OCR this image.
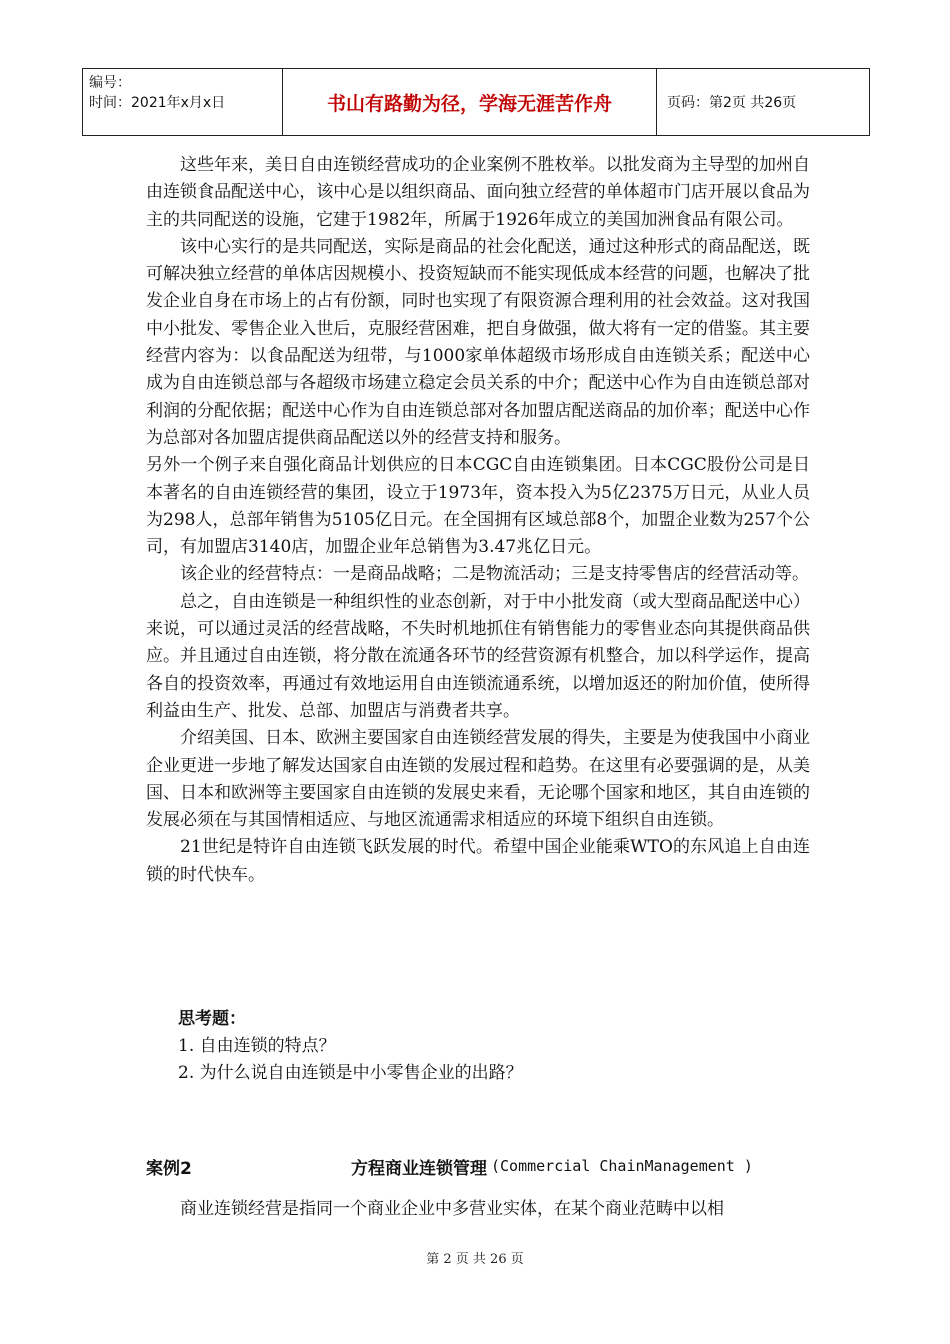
编号：
时间：2021年x月x日	书山有路勤为径，学海无涯苦作舟	页码：第2页 共26页

这些年来，美日自由连锁经营成功的企业案例不胜枚举。以批发商为主导型的加州自由连锁食品配送中心，该中心是以组织商品、面向独立经营的单体超市门店开展以食品为主的共同配送的设施，它建于1982年，所属于1926年成立的美国加洲食品有限公司。

该中心实行的是共同配送，实际是商品的社会化配送，通过这种形式的商品配送，既可解决独立经营的单体店因规模小、投资短缺而不能实现低成本经营的问题，也解决了批发企业自身在市场上的占有份额，同时也实现了有限资源合理利用的社会效益。这对我国中小批发、零售企业入世后，克服经营困难，把自身做强，做大将有一定的借鉴。其主要经营内容为：以食品配送为纽带，与1000家单体超级市场形成自由连锁关系；配送中心成为自由连锁总部与各超级市场建立稳定会员关系的中介；配送中心作为自由连锁总部对利润的分配依据；配送中心作为自由连锁总部对各加盟店配送商品的加价率；配送中心作为总部对各加盟店提供商品配送以外的经营支持和服务。

另外一个例子来自强化商品计划供应的日本CGC自由连锁集团。日本CGC股份公司是日本著名的自由连锁经营的集团，设立于1973年，资本投入为5亿2375万日元，从业人员为298人，总部年销售为5105亿日元。在全国拥有区域总部8个，加盟企业数为257个公司，有加盟店3140店，加盟企业年总销售为3.47兆亿日元。

该企业的经营特点：一是商品战略；二是物流活动；三是支持零售店的经营活动等。

总之，自由连锁是一种组织性的业态创新，对于中小批发商（或大型商品配送中心）来说，可以通过灵活的经营战略，不失时机地抓住有销售能力的零售业态向其提供商品供应。并且通过自由连锁，将分散在流通各环节的经营资源有机整合，加以科学运作，提高各自的投资效率，再通过有效地运用自由连锁流通系统，以增加返还的附加价值，使所得利益由生产、批发、总部、加盟店与消费者共享。

介绍美国、日本、欧洲主要国家自由连锁经营发展的得失，主要是为使我国中小商业企业更进一步地了解发达国家自由连锁的发展过程和趋势。在这里有必要强调的是，从美国、日本和欧洲等主要国家自由连锁的发展史来看，无论哪个国家和地区，其自由连锁的发展必须在与其国情相适应、与地区流通需求相适应的环境下组织自由连锁。

21世纪是特许自由连锁飞跃发展的时代。希望中国企业能乘WTO的东风追上自由连锁的时代快车。

思考题：
1. 自由连锁的特点？
2. 为什么说自由连锁是中小零售企业的出路？
案例2	方程商业连锁管理 (Commercial ChainManagement )
商业连锁经营是指同一个商业企业中多营业实体，在某个商业范畴中以相
第 2 页 共 26 页
